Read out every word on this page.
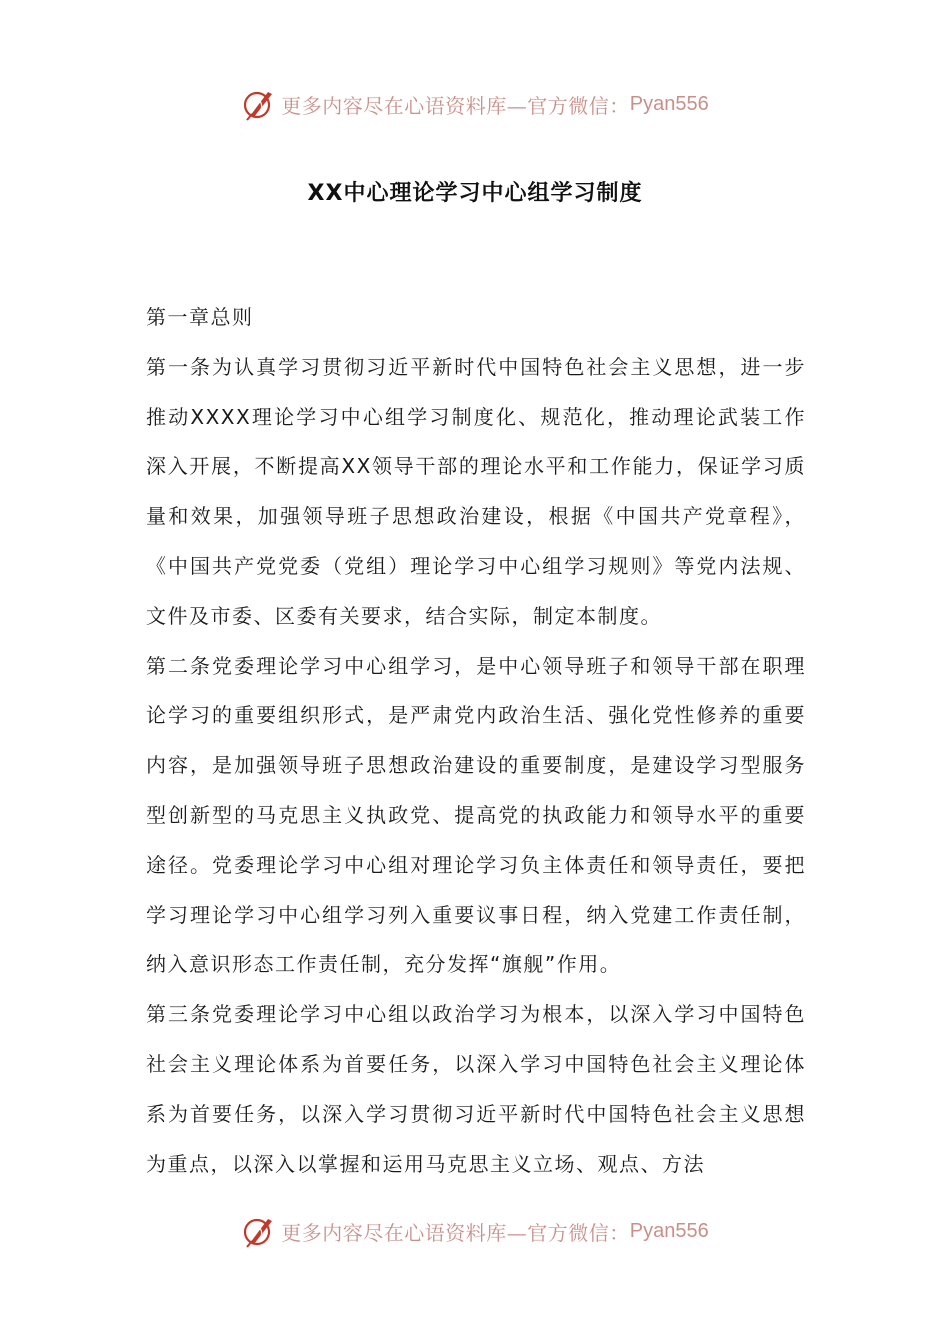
更多内容尽在心语资料库—官方微信： Pyan556
XX中心理论学习中心组学习制度

第一章总则

第一条为认真学习贯彻习近平新时代中国特色社会主义思想，进一步推动XXXX理论学习中心组学习制度化、规范化，推动理论武装工作深入开展，不断提高XX领导干部的理论水平和工作能力，保证学习质量和效果，加强领导班子思想政治建设，根据《中国共产党章程》，《中国共产党党委（党组）理论学习中心组学习规则》等党内法规、文件及市委、区委有关要求，结合实际，制定本制度。

第二条党委理论学习中心组学习，是中心领导班子和领导干部在职理论学习的重要组织形式，是严肃党内政治生活、强化党性修养的重要内容，是加强领导班子思想政治建设的重要制度，是建设学习型服务型创新型的马克思主义执政党、提高党的执政能力和领导水平的重要途径。党委理论学习中心组对理论学习负主体责任和领导责任，要把学习理论学习中心组学习列入重要议事日程，纳入党建工作责任制，纳入意识形态工作责任制，充分发挥“旗舰”作用。

第三条党委理论学习中心组以政治学习为根本，以深入学习中国特色社会主义理论体系为首要任务，以深入学习中国特色社会主义理论体系为首要任务，以深入学习贯彻习近平新时代中国特色社会主义思想为重点，以深入以掌握和运用马克思主义立场、观点、方法

更多内容尽在心语资料库—官方微信： Pyan556
